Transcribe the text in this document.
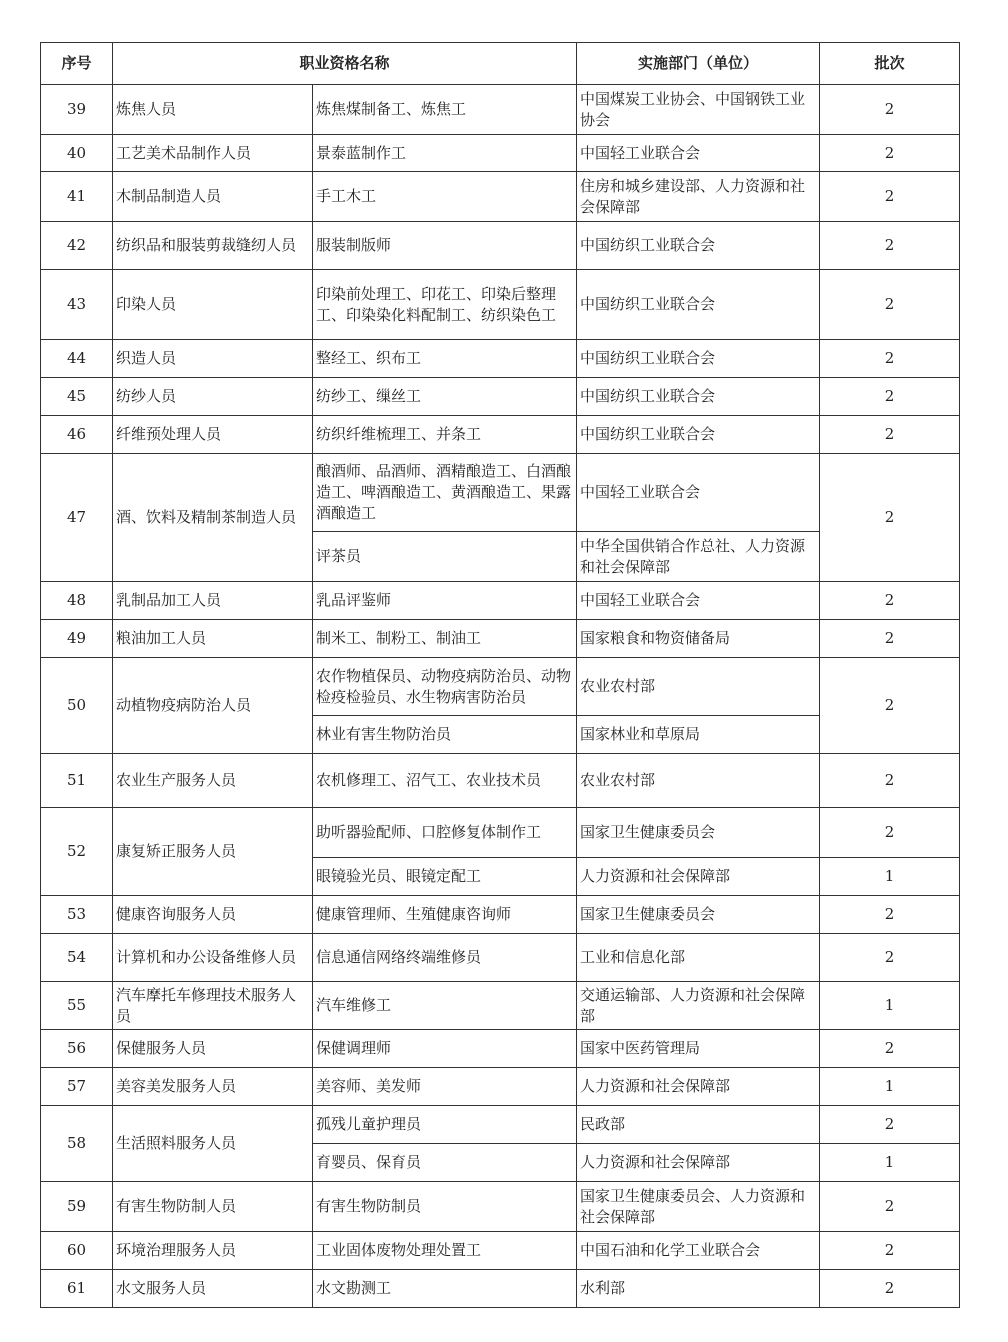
序号	职业资格名称		实施部门（单位）	批次
39	炼焦人员	炼焦煤制备工、炼焦工	中国煤炭工业协会、中国钢铁工业协会	2
40	工艺美术品制作人员	景泰蓝制作工	中国轻工业联合会	2
41	木制品制造人员	手工木工	住房和城乡建设部、人力资源和社会保障部	2
42	纺织品和服装剪裁缝纫人员	服装制版师	中国纺织工业联合会	2
43	印染人员	印染前处理工、印花工、印染后整理工、印染染化料配制工、纺织染色工	中国纺织工业联合会	2
44	织造人员	整经工、织布工	中国纺织工业联合会	2
45	纺纱人员	纺纱工、缫丝工	中国纺织工业联合会	2
46	纤维预处理人员	纺织纤维梳理工、并条工	中国纺织工业联合会	2
47	酒、饮料及精制茶制造人员	酿酒师、品酒师、酒精酿造工、白酒酿造工、啤酒酿造工、黄酒酿造工、果露酒酿造工	中国轻工业联合会	2
		评茶员	中华全国供销合作总社、人力资源和社会保障部	
48	乳制品加工人员	乳品评鉴师	中国轻工业联合会	2
49	粮油加工人员	制米工、制粉工、制油工	国家粮食和物资储备局	2
50	动植物疫病防治人员	农作物植保员、动物疫病防治员、动物检疫检验员、水生物病害防治员	农业农村部	2
		林业有害生物防治员	国家林业和草原局	
51	农业生产服务人员	农机修理工、沼气工、农业技术员	农业农村部	2
52	康复矫正服务人员	助听器验配师、口腔修复体制作工	国家卫生健康委员会	2
		眼镜验光员、眼镜定配工	人力资源和社会保障部	1
53	健康咨询服务人员	健康管理师、生殖健康咨询师	国家卫生健康委员会	2
54	计算机和办公设备维修人员	信息通信网络终端维修员	工业和信息化部	2
55	汽车摩托车修理技术服务人员	汽车维修工	交通运输部、人力资源和社会保障部	1
56	保健服务人员	保健调理师	国家中医药管理局	2
57	美容美发服务人员	美容师、美发师	人力资源和社会保障部	1
58	生活照料服务人员	孤残儿童护理员	民政部	2
		育婴员、保育员	人力资源和社会保障部	1
59	有害生物防制人员	有害生物防制员	国家卫生健康委员会、人力资源和社会保障部	2
60	环境治理服务人员	工业固体废物处理处置工	中国石油和化学工业联合会	2
61	水文服务人员	水文勘测工	水利部	2
